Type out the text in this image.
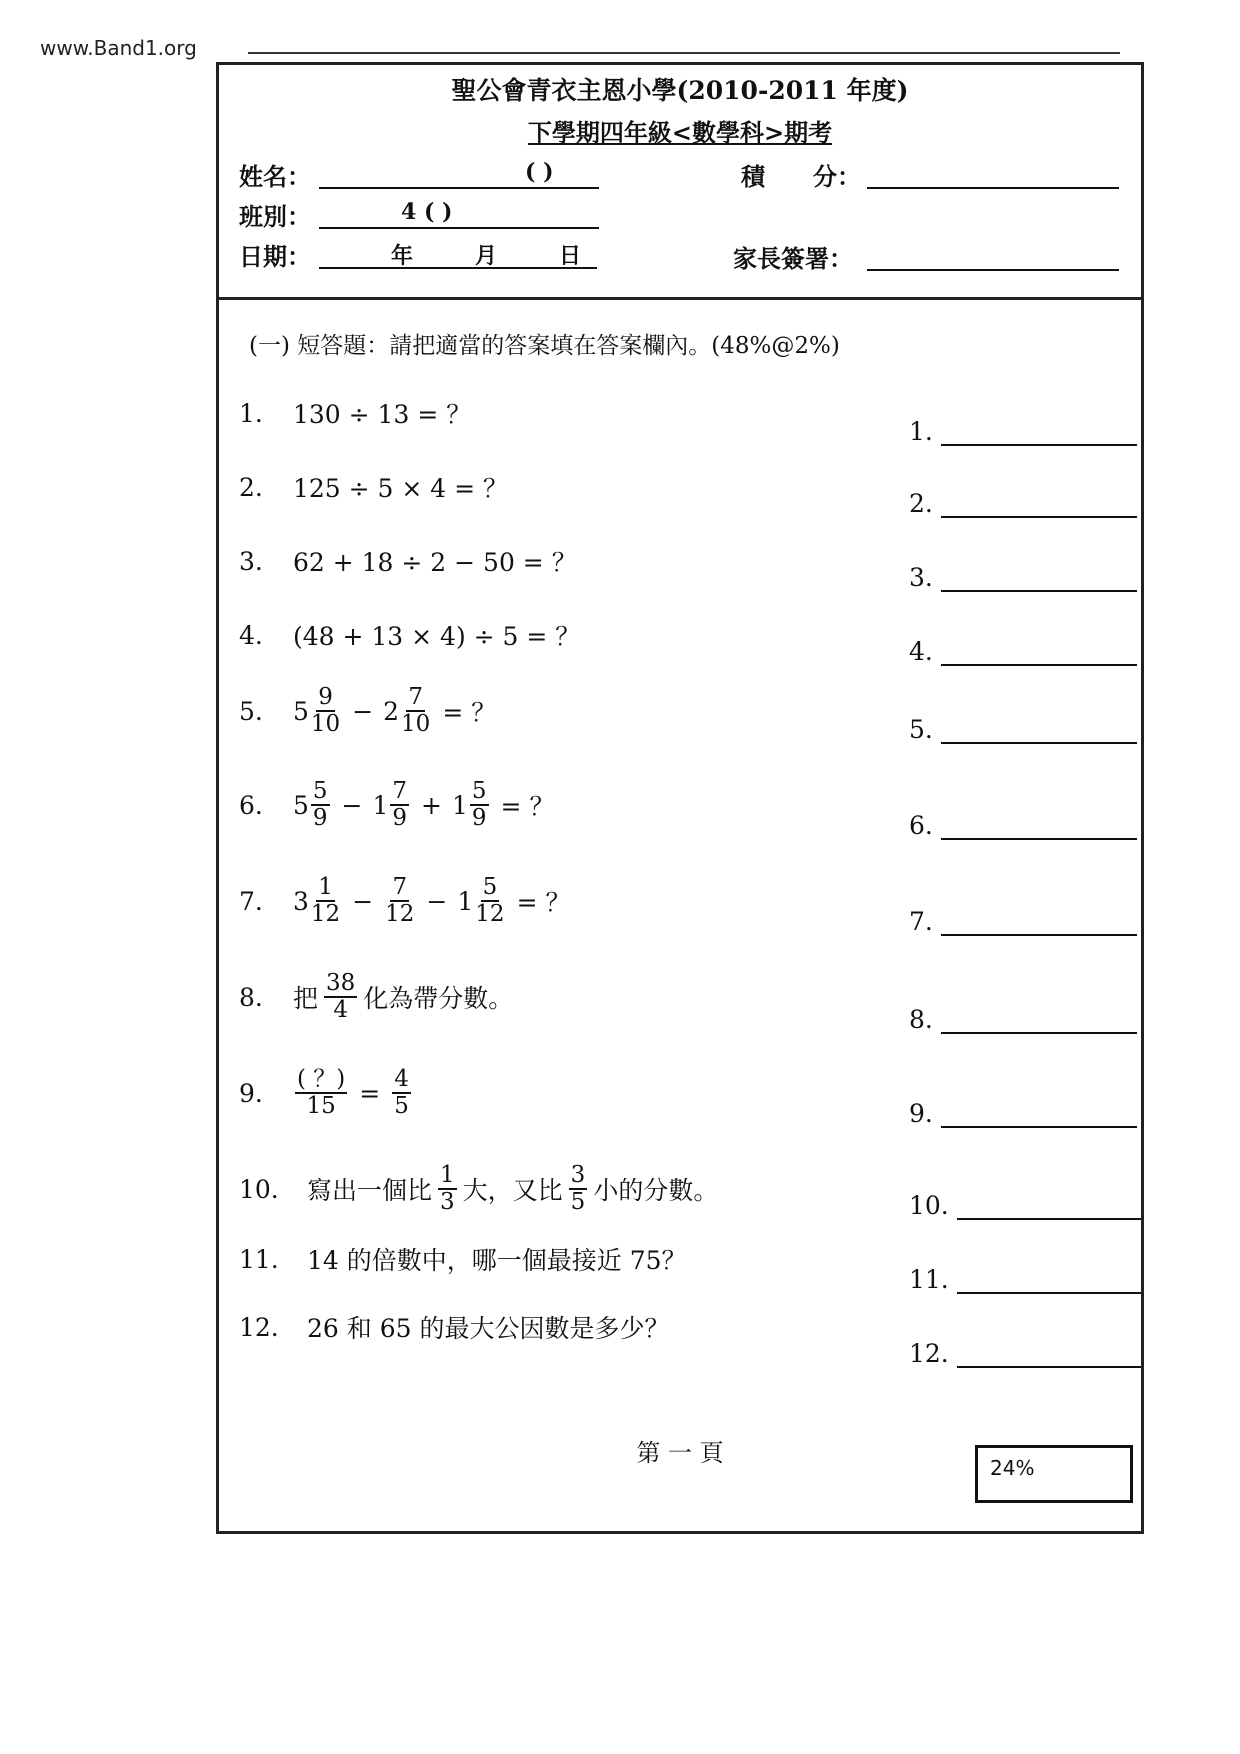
www.Band1.org
聖公會青衣主恩小學(2010-2011 年度)
下學期四年級<數學科>期考
姓名：	( )	積　　分：
班別：	4 ( )
日期：	年	月	日	家長簽署：
(一) 短答題：請把適當的答案填在答案欄內。(48%@2%)
1.	130 ÷ 13 = ？
1.
2.	125 ÷ 5 × 4 = ？
2.
3.	62 + 18 ÷ 2 − 50 = ？
3.
4.	(48 + 13 × 4) ÷ 5 = ？
4.
5.	$5 \frac{9}{10} - 2 \frac{7}{10}$ = ？
5.
6.	$5 \frac{5}{9} - 1 \frac{7}{9} + 1 \frac{5}{9}$ = ？
6.
7.	$3 \frac{1}{12} - \frac{7}{12} - 1 \frac{5}{12}$ = ？
7.
8.	把 $\frac{38}{4}$ 化為帶分數。
8.
9.	$\frac{( ?)}{15} = \frac{4}{5}$	9.
10.	寫出一個比 $\frac{1}{3}$ 大，又比 $\frac{3}{5}$ 小的分數。
10.
11.	14 的倍數中，哪一個最接近 75？
11.
12.	26 和 65 的最大公因數是多少？
12.
第 一 頁
24%
